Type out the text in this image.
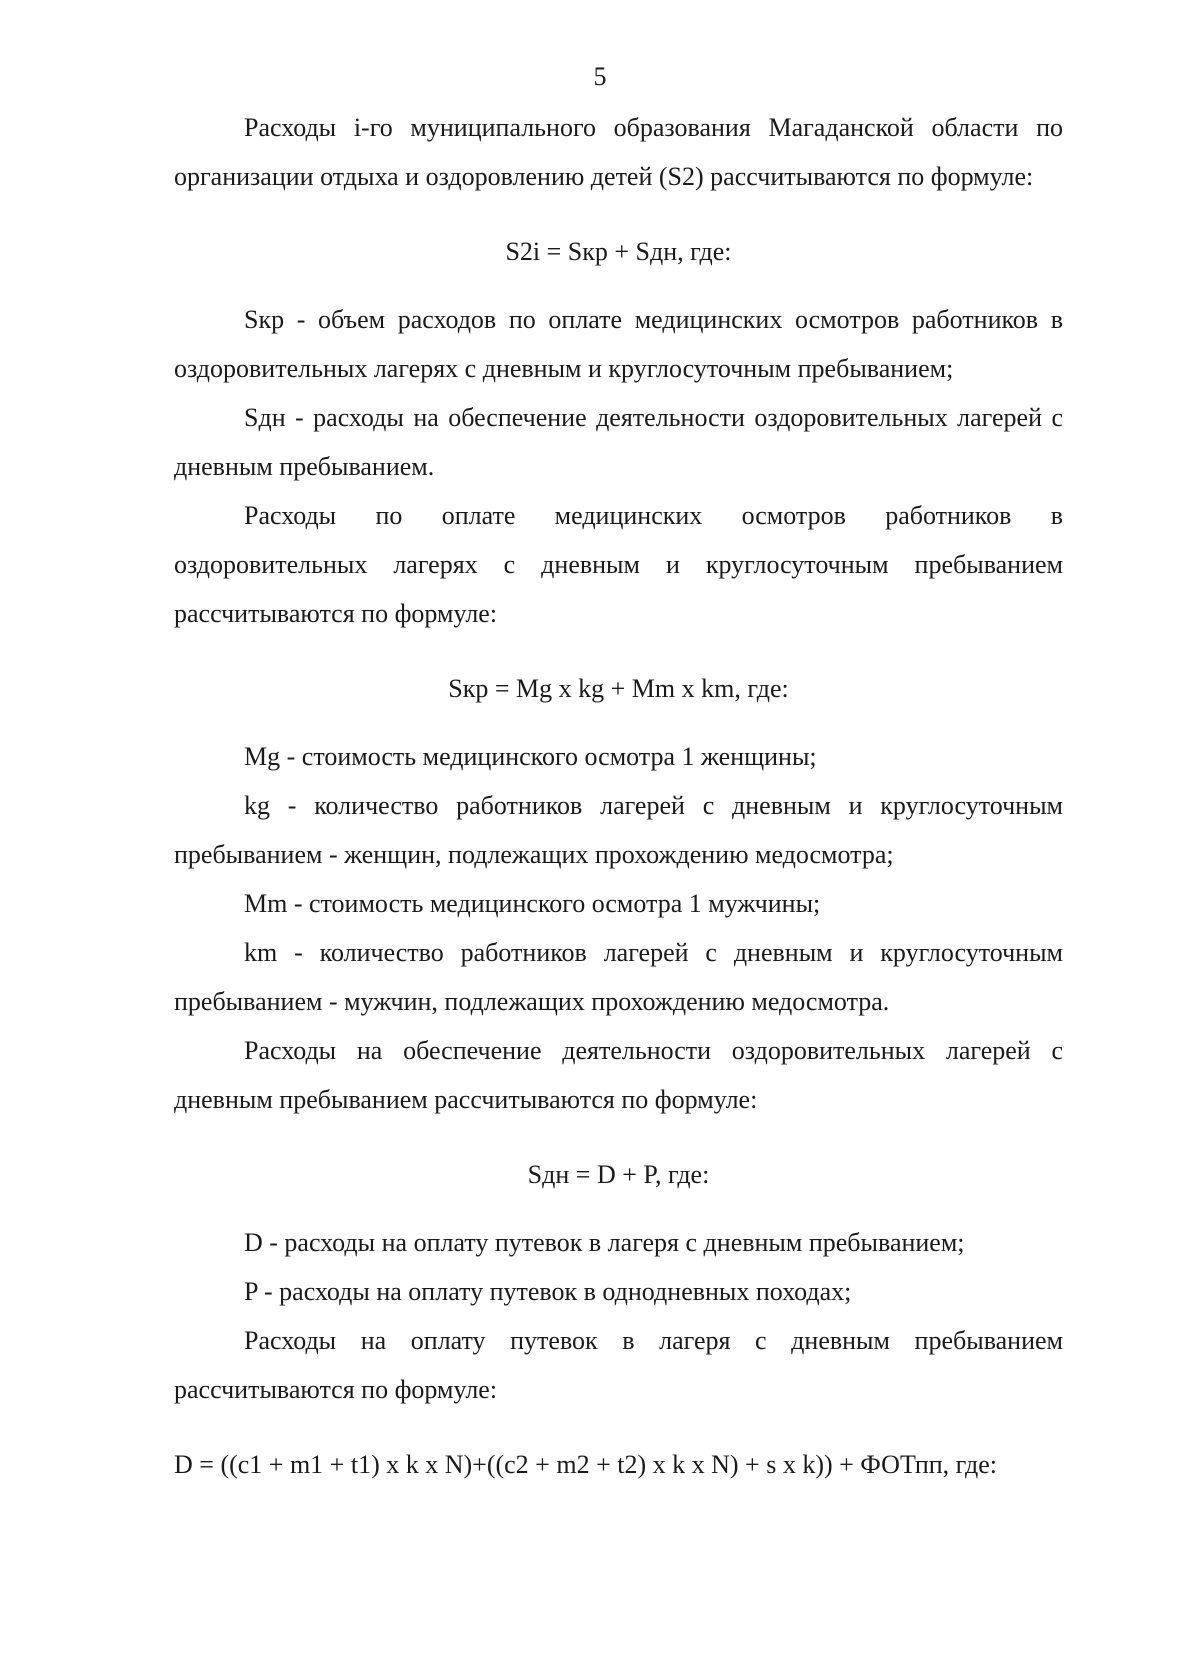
5

Расходы i-го муниципального образования Магаданской области по организации отдыха и оздоровлению детей (S2) рассчитываются по формуле:

S2i = Sкр + Sдн, где:

Sкр - объем расходов по оплате медицинских осмотров работников в оздоровительных лагерях с дневным и круглосуточным пребыванием;

Sдн - расходы на обеспечение деятельности оздоровительных лагерей с дневным пребыванием.

Расходы по оплате медицинских осмотров работников в оздоровительных лагерях с дневным и круглосуточным пребыванием рассчитываются по формуле:

Sкр = Mg x kg + Mm x km, где:

Mg - стоимость медицинского осмотра 1 женщины;

kg - количество работников лагерей с дневным и круглосуточным пребыванием - женщин, подлежащих прохождению медосмотра;

Mm - стоимость медицинского осмотра 1 мужчины;

km - количество работников лагерей с дневным и круглосуточным пребыванием - мужчин, подлежащих прохождению медосмотра.

Расходы на обеспечение деятельности оздоровительных лагерей с дневным пребыванием рассчитываются по формуле:

Sдн = D + P, где:

D - расходы на оплату путевок в лагеря с дневным пребыванием;

P - расходы на оплату путевок в однодневных походах;

Расходы на оплату путевок в лагеря с дневным пребыванием рассчитываются по формуле:

D = ((c1 + m1 + t1) x k x N)+((c2 + m2 + t2) x k x N) + s x k)) + ФОТпп, где:
